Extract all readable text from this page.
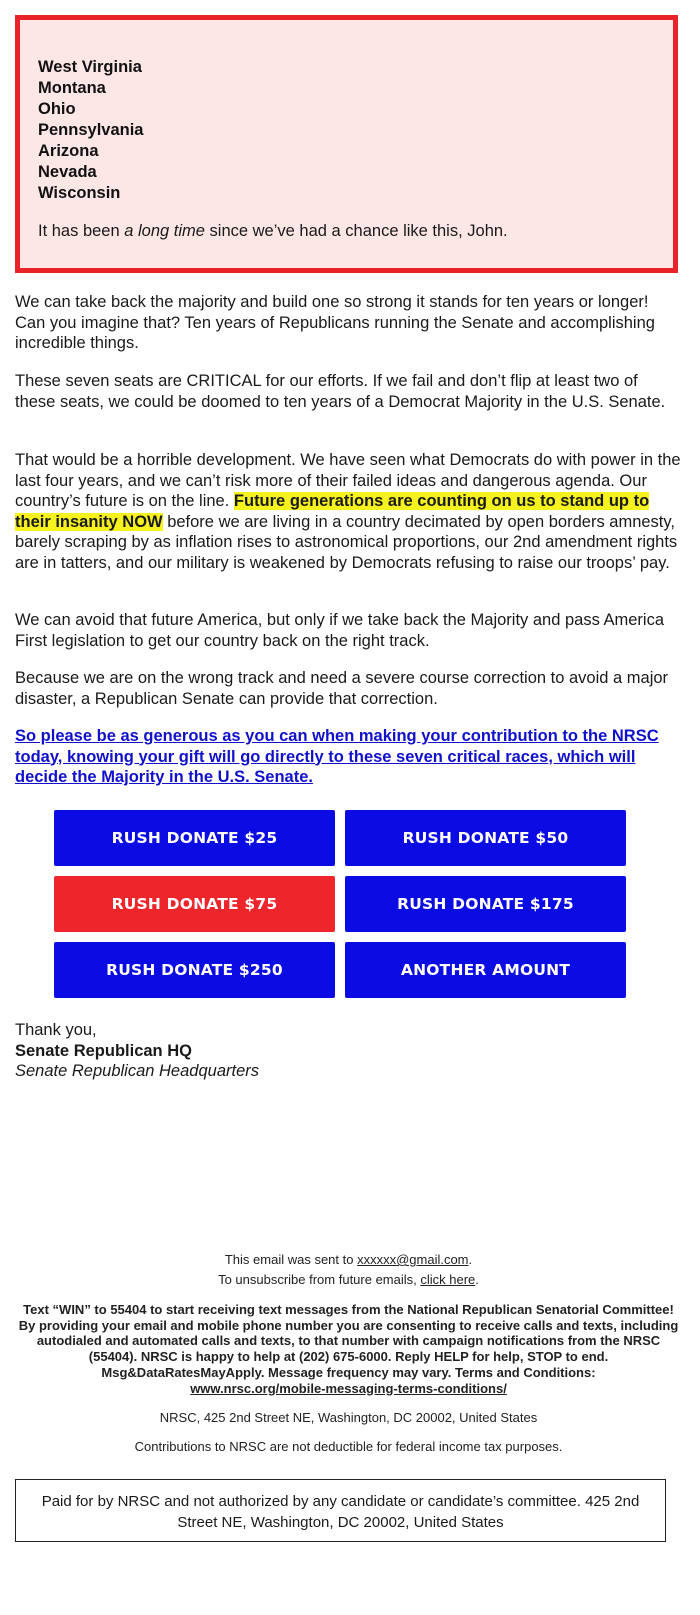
West Virginia
Montana
Ohio
Pennsylvania
Arizona
Nevada
Wisconsin
It has been a long time since we’ve had a chance like this, John.
We can take back the majority and build one so strong it stands for ten years or longer! Can you imagine that? Ten years of Republicans running the Senate and accomplishing incredible things.
These seven seats are CRITICAL for our efforts. If we fail and don’t flip at least two of these seats, we could be doomed to ten years of a Democrat Majority in the U.S. Senate.
That would be a horrible development. We have seen what Democrats do with power in the last four years, and we can’t risk more of their failed ideas and dangerous agenda. Our country’s future is on the line. Future generations are counting on us to stand up to their insanity NOW before we are living in a country decimated by open borders amnesty, barely scraping by as inflation rises to astronomical proportions, our 2nd amendment rights are in tatters, and our military is weakened by Democrats refusing to raise our troops’ pay.
We can avoid that future America, but only if we take back the Majority and pass America First legislation to get our country back on the right track.
Because we are on the wrong track and need a severe course correction to avoid a major disaster, a Republican Senate can provide that correction.
So please be as generous as you can when making your contribution to the NRSC today, knowing your gift will go directly to these seven critical races, which will decide the Majority in the U.S. Senate.
RUSH DONATE $25	RUSH DONATE $50
RUSH DONATE $75	RUSH DONATE $175
RUSH DONATE $250	ANOTHER AMOUNT
Thank you,
Senate Republican HQ
Senate Republican Headquarters
This email was sent to xxxxxx@gmail.com.
To unsubscribe from future emails, click here.
Text “WIN” to 55404 to start receiving text messages from the National Republican Senatorial Committee! By providing your email and mobile phone number you are consenting to receive calls and texts, including autodialed and automated calls and texts, to that number with campaign notifications from the NRSC (55404). NRSC is happy to help at (202) 675-6000. Reply HELP for help, STOP to end. Msg&DataRatesMayApply. Message frequency may vary. Terms and Conditions:
www.nrsc.org/mobile-messaging-terms-conditions/
NRSC, 425 2nd Street NE, Washington, DC 20002, United States
Contributions to NRSC are not deductible for federal income tax purposes.
Paid for by NRSC and not authorized by any candidate or candidate’s committee. 425 2nd Street NE, Washington, DC 20002, United States
